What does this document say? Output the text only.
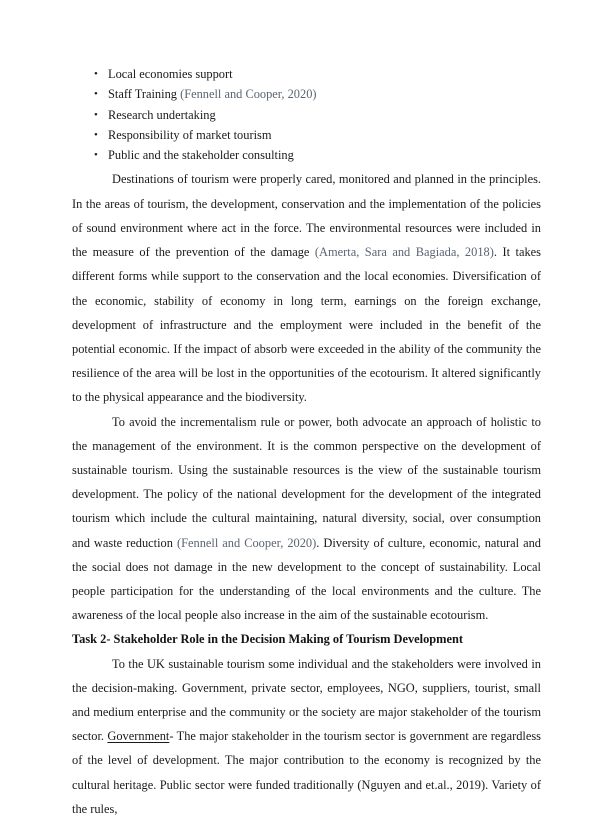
• Local economies support
• Staff Training (Fennell and Cooper, 2020)
• Research undertaking
• Responsibility of market tourism
• Public and the stakeholder consulting

Destinations of tourism were properly cared, monitored and planned in the principles. In the areas of tourism, the development, conservation and the implementation of the policies of sound environment where act in the force. The environmental resources were included in the measure of the prevention of the damage (Amerta, Sara and Bagiada, 2018). It takes different forms while support to the conservation and the local economies. Diversification of the economic, stability of economy in long term, earnings on the foreign exchange, development of infrastructure and the employment were included in the benefit of the potential economic. If the impact of absorb were exceeded in the ability of the community the resilience of the area will be lost in the opportunities of the ecotourism. It altered significantly to the physical appearance and the biodiversity.

To avoid the incrementalism rule or power, both advocate an approach of holistic to the management of the environment. It is the common perspective on the development of sustainable tourism. Using the sustainable resources is the view of the sustainable tourism development. The policy of the national development for the development of the integrated tourism which include the cultural maintaining, natural diversity, social, over consumption and waste reduction (Fennell and Cooper, 2020). Diversity of culture, economic, natural and the social does not damage in the new development to the concept of sustainability. Local people participation for the understanding of the local environments and the culture. The awareness of the local people also increase in the aim of the sustainable ecotourism.

Task 2- Stakeholder Role in the Decision Making of Tourism Development

To the UK sustainable tourism some individual and the stakeholders were involved in the decision-making. Government, private sector, employees, NGO, suppliers, tourist, small and medium enterprise and the community or the society are major stakeholder of the tourism sector. Government- The major stakeholder in the tourism sector is government are regardless of the level of development. The major contribution to the economy is recognized by the cultural heritage. Public sector were funded traditionally (Nguyen and et.al., 2019). Variety of the rules,
